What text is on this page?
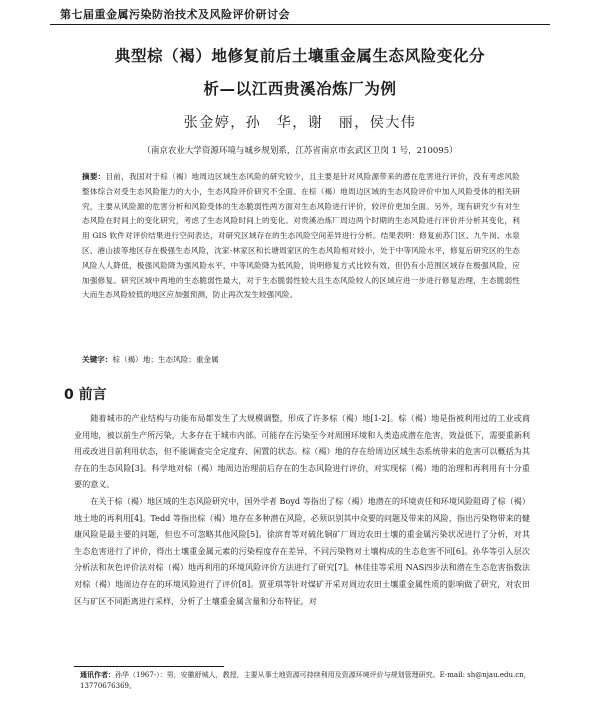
第七届重金属污染防治技术及风险评价研讨会
典型棕（褐）地修复前后土壤重金属生态风险变化分
析—以江西贵溪冶炼厂为例
张金婷，孙　华，谢　丽，侯大伟
（南京农业大学资源环境与城乡规划系，江苏省南京市玄武区卫岗 1 号，210095）
摘要：目前，我国对于棕（褐）地周边区域生态风险的研究较少，且主要是针对风险源带来的潜在危害进行评价，没有考虑风险整体综合对受生态风险能力的大小，生态风险评价研究不全面。在棕（褐）地周边区域的生态风险评价中加入风险受体的相关研究，主要从风险源的危害分析和风险受体的生态脆弱性两方面对生态风险进行评价，较评价更加全面。另外，现有研究少有对生态风险在时间上的变化研究，考虑了生态风险时间上的变化。对贵溪冶炼厂周边两个时期的生态风险进行评价并分析其变化，利用 GIS 软件对评价结果进行空间表达，对研究区域存在的生态风险空间差异进行分析。结果表明：修复前苏门区、九牛岗、水泉区、港山拔等地区存在极强生态风险，沈家-林家区和长塘周家区的生态风险相对较小，处于中等风险水平，修复后研究区的生态风险人人降低，极强风险降为强风险水平，中等风险降为低风险，说明修复方式比较有效，但仍有小范围区域存在极强风险，应加强修复。研究区域中两地的生态脆弱性最大，对于生态脆弱性较大且生态风险较人的区域应进一步进行修复治理，生态脆弱性大而生态风险较低的地区应加强预测，防止再次发生较强风险。
关键字：棕（褐）地；生态风险；重金属
0 前言

随着城市的产业结构与功能布局都发生了大规模调整，形成了许多棕（褐）地[1-2]。棕（褐）地是指被利用过的工业或商业用地，被以前生产所污染，大多存在于城市内部。可能存在污染至今对周围环境和人类造成潜在危害，效益低下，需要重新利用或改进目前利用状态，但不能调查完全定度弃、闲置的状态。棕（褐）地的存在给周边区域生态系统带来的危害可以概括为其存在的生态风险[3]。科学地对棕（褐）地周边治理前后存在的生态风险进行评价，对实现棕（褐）地的治理和再利用有十分重要的意义。

在关于棕（褐）地区域的生态风险研究中，国外学者 Boyd 等指出了棕（褐）地潜在的环境责任和环境风险阻碍了棕（褐）地土地的再利用[4]。Tedd 等指出棕（褐）地存在多种潜在风险，必须识别其中众要的问题及带来的风险，指出污染物带来的健康风险是最主要的问题，但也不可忽略其他风险[5]。徐滨育等对硫化铜矿厂周边农田土壤的重金属污染状况进行了分析，对其生态危害进行了评价，得出土壤重金属元素的污染程度存在差异，不同污染物对土壤构成的生态危害不同[6]。孙华等引入层次分析法和灰色评价法对棕（褐）地再利用的环境风险评价方法进行了研究[7]。林佳佳等采用 NAS四步法和潜在生态危害指数法对棕（褐）地周边存在的环境风险进行了评价[8]。贾亚琪等针对煤矿开采对周边农田土壤重金属性质的影响做了研究，对农田区与矿区不同距离进行采样，分析了土壤重金属含量和分布特征，对

通讯作者：孙华（1967-）：男，安徽舒城人，教授，主要从事土地资源可持续利用及资源环境评价与规划管理研究。E-mail: sh@njau.edu.cn，13770676369。
